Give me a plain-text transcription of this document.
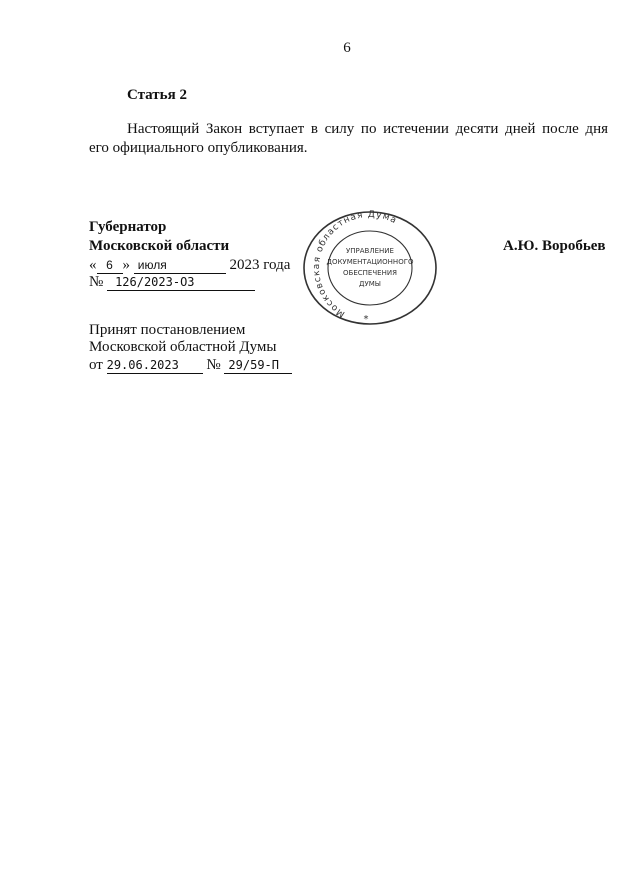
6
Статья 2
Настоящий Закон вступает в силу по истечении десяти дней после дня
его официального опубликования.
Губернатор
Московской области	А.Ю. Воробьев
« 6 » июля	2023 года
№ 126/2023-ОЗ
Московская областная Дума
УПРАВЛЕНИЕ
ДОКУМЕНТАЦИОННОГО
ОБЕСПЕЧЕНИЯ
ДУМЫ
*
Принят постановлением
Московской областной Думы
от 29.06.2023 № 29/59-П
